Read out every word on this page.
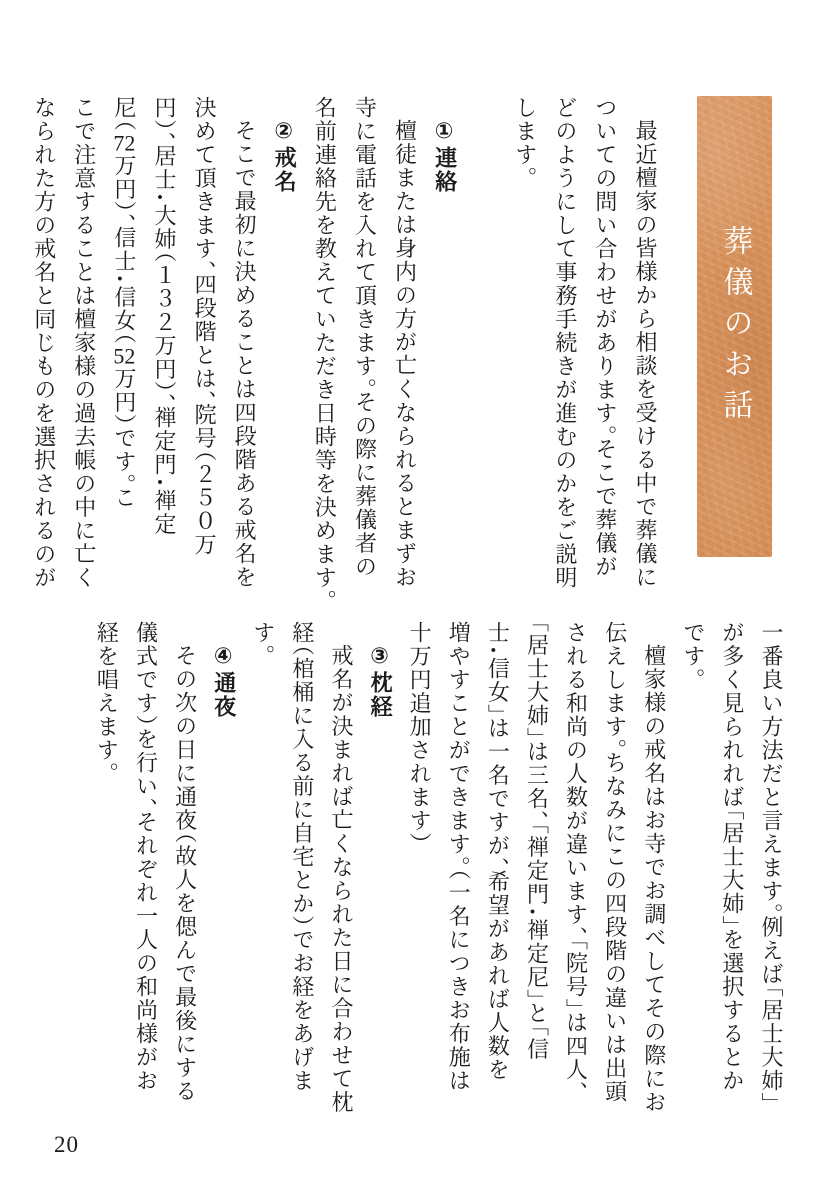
葬儀のお話
最近檀家の皆様から相談を受ける中で葬儀に
ついての問い合わせがあります。そこで葬儀が
どのようにして事務手続きが進むのかをご説明
します。
①連絡
檀徒または身内の方が亡くなられるとまずお
寺に電話を入れて頂きます。その際に葬儀者の
名前連絡先を教えていただき日時等を決めます。
②戒名
そこで最初に決めることは四段階ある戒名を
決めて頂きます、四段階とは、院号（２５０万
円）、居士・大姉（１３２万円）、禅定門・禅定
尼（72万円）、信士・信女（52万円）です。こ
こで注意することは檀家様の過去帳の中に亡く
なられた方の戒名と同じものを選択されるのが
一番良い方法だと言えます。例えば「居士大姉」
が多く見られれば「居士大姉」を選択するとか
です。
檀家様の戒名はお寺でお調べしてその際にお
伝えします。ちなみにこの四段階の違いは出頭
される和尚の人数が違います、「院号」は四人、
「居士大姉」は三名、「禅定門・禅定尼」と「信
士・信女」は一名ですが、希望があれば人数を
増やすことができます。（一名につきお布施は
十万円追加されます）
③枕経
戒名が決まれば亡くなられた日に合わせて枕
経（棺桶に入る前に自宅とか）でお経をあげま
す。
④通夜
その次の日に通夜（故人を偲んで最後にする
儀式です）を行い、それぞれ一人の和尚様がお
経を唱えます。
20
